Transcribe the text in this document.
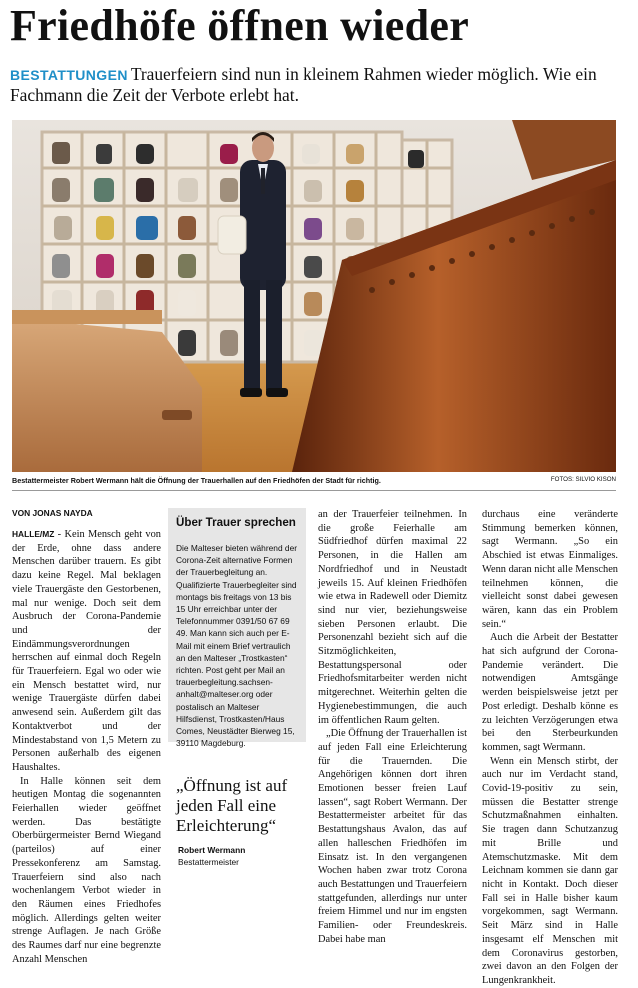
Friedhöfe öffnen wieder
BESTATTUNGEN Trauerfeiern sind nun in kleinem Rahmen wieder möglich. Wie ein Fachmann die Zeit der Verbote erlebt hat.
Bestattermeister Robert Wermann hält die Öffnung der Trauerhallen auf den Friedhöfen der Stadt für richtig.	FOTOS: SILVIO KISON
VON JONAS NAYDA

HALLE/MZ - Kein Mensch geht von der Erde, ohne dass andere Menschen darüber trauern. Es gibt dazu keine Regel. Mal beklagen viele Trauergäste den Gestorbenen, mal nur wenige. Doch seit dem Ausbruch der Corona-Pandemie und der Eindämmungsverordnungen herrschen auf einmal doch Regeln für Trauerfeiern. Egal wo oder wie ein Mensch bestattet wird, nur wenige Trauergäste dürfen dabei anwesend sein. Außerdem gilt das Kontaktverbot und der Mindestabstand von 1,5 Metern zu Personen außerhalb des eigenen Haushaltes.

In Halle können seit dem heutigen Montag die sogenannten Feierhallen wieder geöffnet werden. Das bestätigte Oberbürgermeister Bernd Wiegand (parteilos) auf einer Pressekonferenz am Samstag. Trauerfeiern sind also nach wochenlangem Verbot wieder in den Räumen eines Friedhofes möglich. Allerdings gelten weiter strenge Auflagen. Je nach Größe des Raumes darf nur eine begrenzte Anzahl Menschen

Über Trauer sprechen
Die Malteser bieten während der Corona-Zeit alternative Formen der Trauerbegleitung an. Qualifizierte Trauerbegleiter sind montags bis freitags von 13 bis 15 Uhr erreichbar unter der Telefonnummer 0391/50 67 69 49. Man kann sich auch per E-Mail mit einem Brief vertraulich an den Malteser „Trostkasten“ richten. Post geht per Mail an trauerbegleitung.sachsen-anhalt@malteser.org oder postalisch an Malteser Hilfsdienst, Trostkasten/Haus Comes, Neustädter Bierweg 15, 39110 Magdeburg.
„Öffnung ist auf jeden Fall eine Erleichterung“
Robert Wermann
Bestattermeister

an der Trauerfeier teilnehmen. In die große Feierhalle am Südfriedhof dürfen maximal 22 Personen, in die Hallen am Nordfriedhof und in Neustadt jeweils 15. Auf kleinen Friedhöfen wie etwa in Radewell oder Diemitz sind nur vier, beziehungsweise sieben Personen erlaubt. Die Personenzahl bezieht sich auf die Sitzmöglichkeiten, Bestattungspersonal oder Friedhofsmitarbeiter werden nicht mitgerechnet. Weiterhin gelten die Hygienebestimmungen, die auch im öffentlichen Raum gelten.

„Die Öffnung der Trauerhallen ist auf jeden Fall eine Erleichterung für die Trauernden. Die Angehörigen können dort ihren Emotionen besser freien Lauf lassen“, sagt Robert Wermann. Der Bestattermeister arbeitet für das Bestattungshaus Avalon, das auf allen halleschen Friedhöfen im Einsatz ist. In den vergangenen Wochen haben zwar trotz Corona auch Bestattungen und Trauerfeiern stattgefunden, allerdings nur unter freiem Himmel und nur im engsten Familien- oder Freundeskreis. Dabei habe man

durchaus eine veränderte Stimmung bemerken können, sagt Wermann. „So ein Abschied ist etwas Einmaliges. Wenn daran nicht alle Menschen teilnehmen können, die vielleicht sonst dabei gewesen wären, kann das ein Problem sein.“

Auch die Arbeit der Bestatter hat sich aufgrund der Corona-Pandemie verändert. Die notwendigen Amtsgänge werden beispielsweise jetzt per Post erledigt. Deshalb könne es zu leichten Verzögerungen etwa bei den Sterbeurkunden kommen, sagt Wermann.

Wenn ein Mensch stirbt, der auch nur im Verdacht stand, Covid-19-positiv zu sein, müssen die Bestatter strenge Schutzmaßnahmen einhalten. Sie tragen dann Schutzanzug mit Brille und Atemschutzmaske. Mit dem Leichnam kommen sie dann gar nicht in Kontakt. Doch dieser Fall sei in Halle bisher kaum vorgekommen, sagt Wermann. Seit März sind in Halle insgesamt elf Menschen mit dem Coronavirus gestorben, zwei davon an den Folgen der Lungenkrankheit.
